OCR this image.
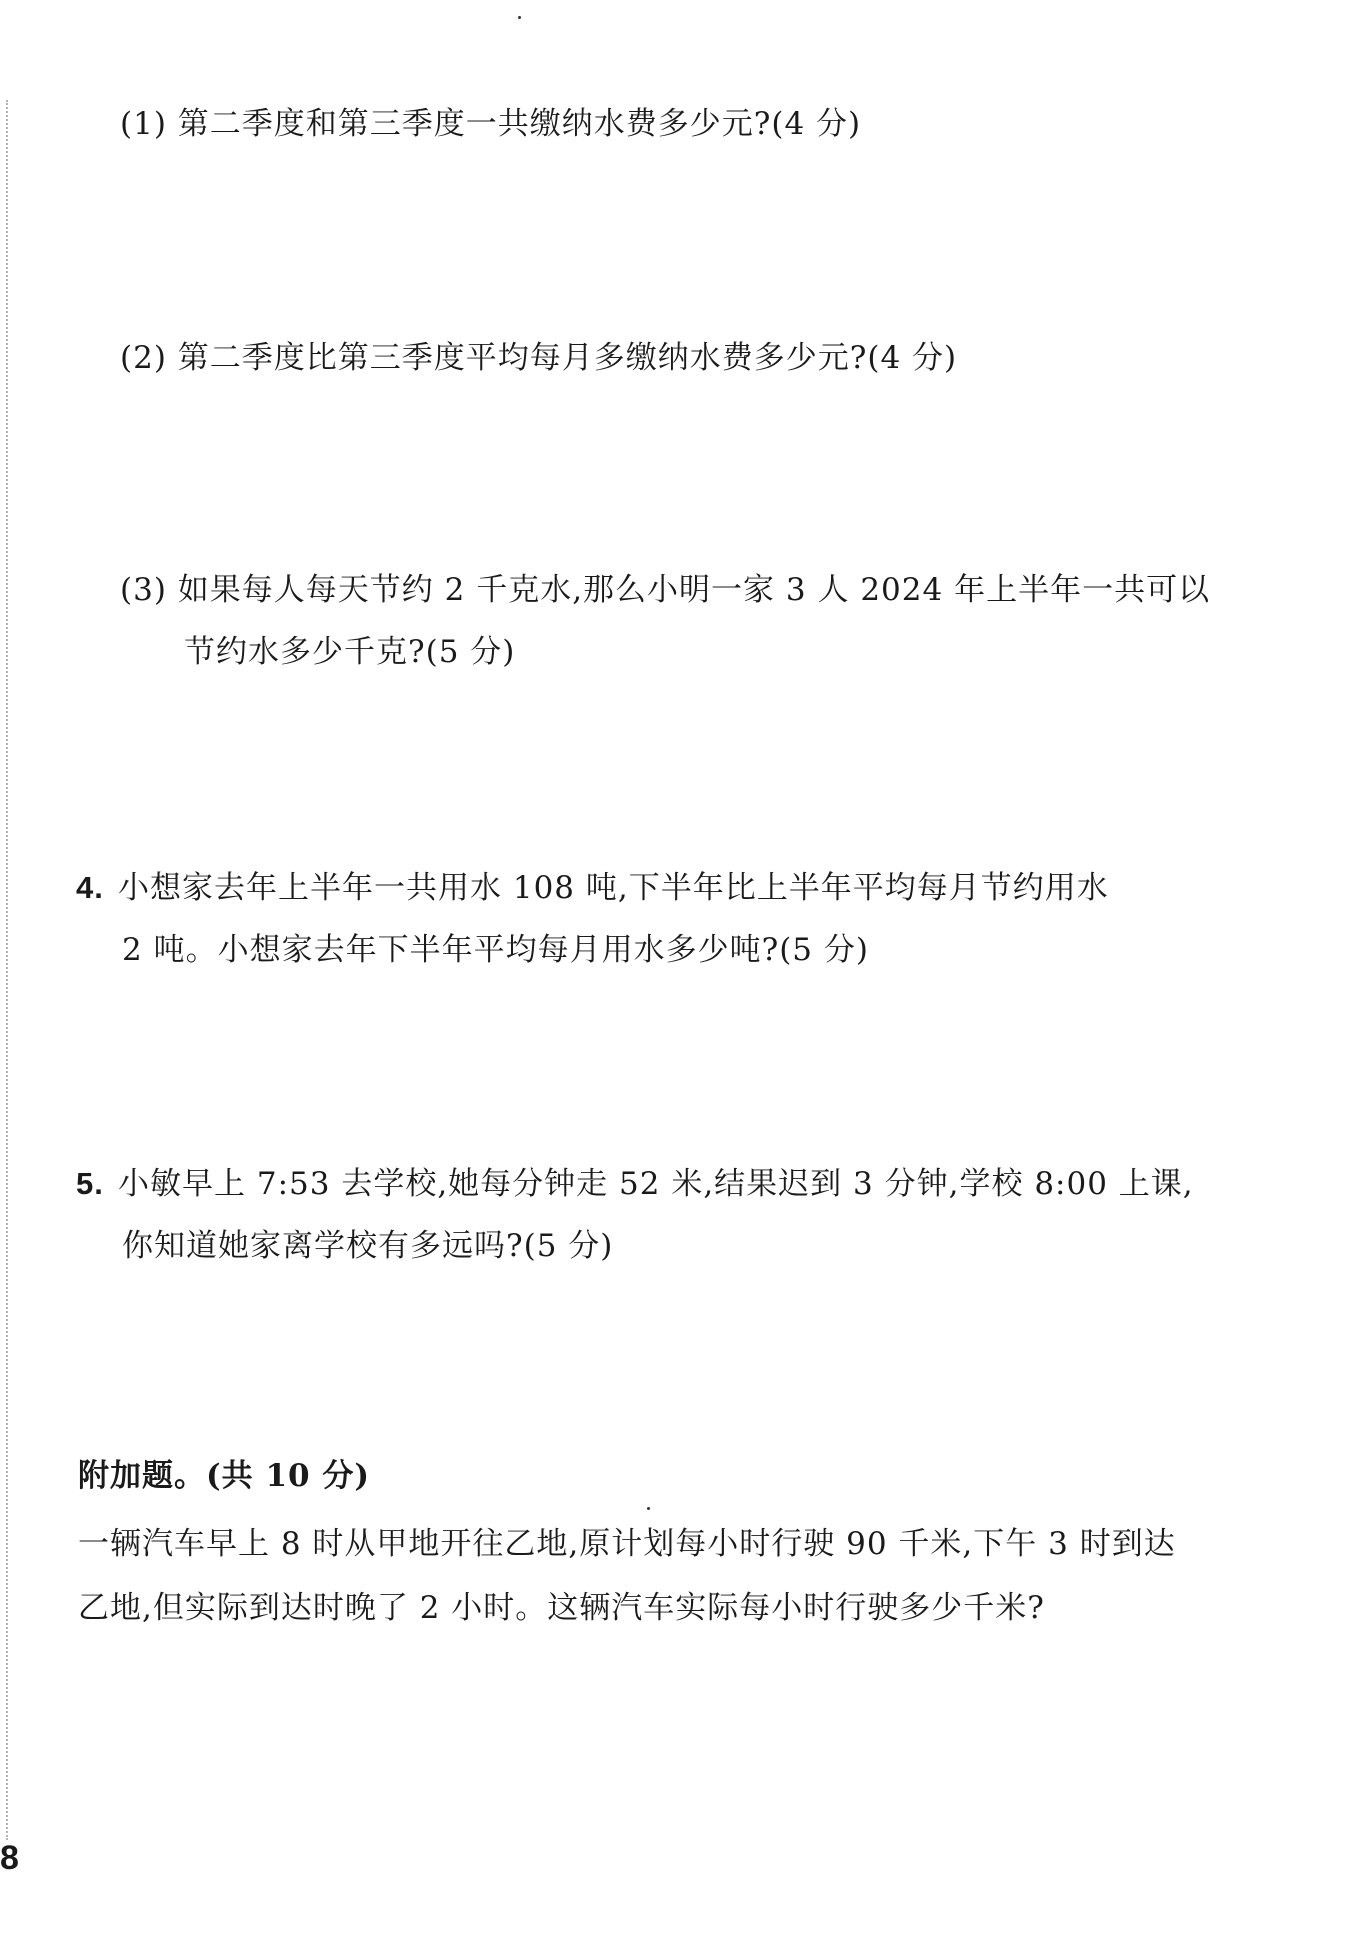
(1) 第二季度和第三季度一共缴纳水费多少元?(4 分)
(2) 第二季度比第三季度平均每月多缴纳水费多少元?(4 分)
(3) 如果每人每天节约 2 千克水,那么小明一家 3 人 2024 年上半年一共可以
节约水多少千克?(5 分)
4. 小想家去年上半年一共用水 108 吨,下半年比上半年平均每月节约用水
2 吨。小想家去年下半年平均每月用水多少吨?(5 分)
5. 小敏早上 7:53 去学校,她每分钟走 52 米,结果迟到 3 分钟,学校 8:00 上课,
你知道她家离学校有多远吗?(5 分)
附加题。(共 10 分)
一辆汽车早上 8 时从甲地开往乙地,原计划每小时行驶 90 千米,下午 3 时到达
乙地,但实际到达时晚了 2 小时。这辆汽车实际每小时行驶多少千米?
8
